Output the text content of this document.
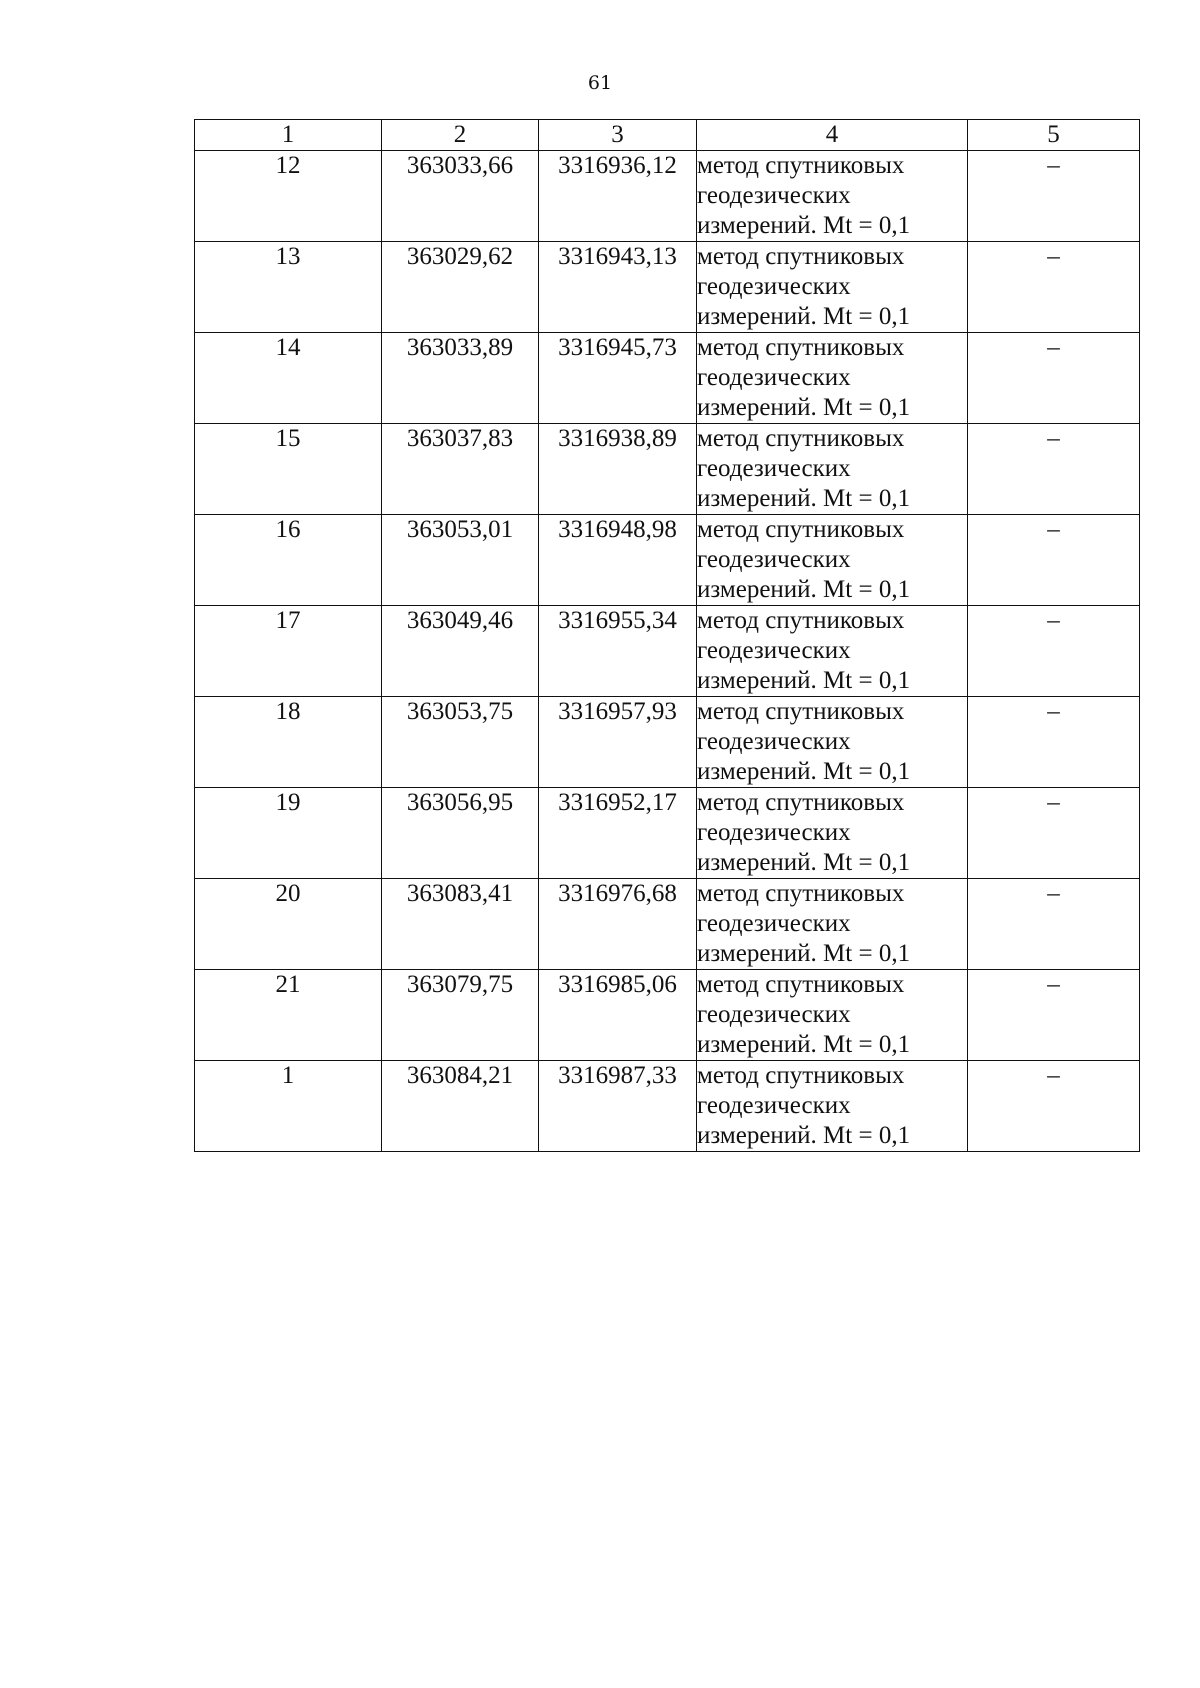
61
1	2	3	4	5
12	363033,66	3316936,12	метод спутниковых
геодезических
измерений. Mt = 0,1	–
13	363029,62	3316943,13	метод спутниковых
геодезических
измерений. Mt = 0,1	–
14	363033,89	3316945,73	метод спутниковых
геодезических
измерений. Mt = 0,1	–
15	363037,83	3316938,89	метод спутниковых
геодезических
измерений. Mt = 0,1	–
16	363053,01	3316948,98	метод спутниковых
геодезических
измерений. Mt = 0,1	–
17	363049,46	3316955,34	метод спутниковых
геодезических
измерений. Mt = 0,1	–
18	363053,75	3316957,93	метод спутниковых
геодезических
измерений. Mt = 0,1	–
19	363056,95	3316952,17	метод спутниковых
геодезических
измерений. Mt = 0,1	–
20	363083,41	3316976,68	метод спутниковых
геодезических
измерений. Mt = 0,1	–
21	363079,75	3316985,06	метод спутниковых
геодезических
измерений. Mt = 0,1	–
1	363084,21	3316987,33	метод спутниковых
геодезических
измерений. Mt = 0,1	–
